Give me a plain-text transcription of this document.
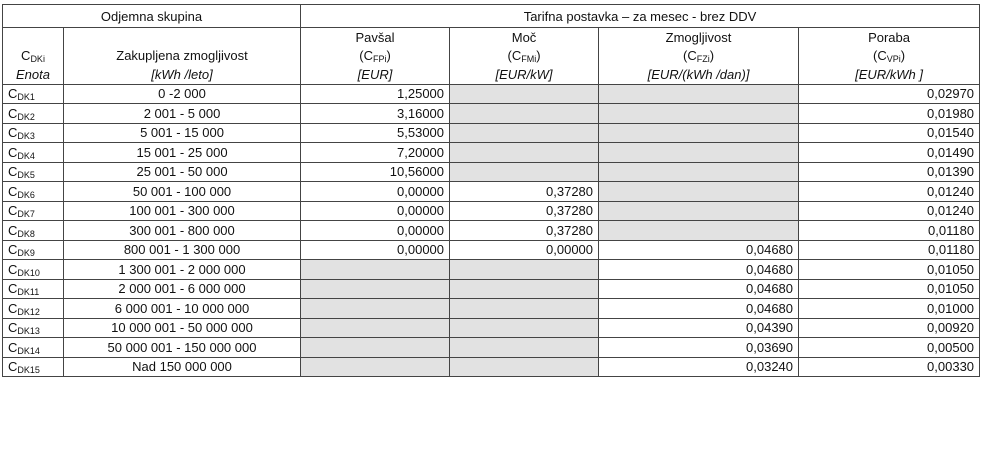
Odjemna skupina		Tarifna postavka – za mesec - brez DDV			
		Pavšal	Moč	Zmogljivost	Poraba
$C_{DKi}$	Zakupljena zmogljivost	$(C_{FPi})$	$(C_{FMi})$	$(C_{FZi})$	$(C_{VPi})$
Enota	[kWh /leto]	[EUR]	[EUR/kW]	[EUR/(kWh /dan)]	[EUR/kWh ]
$C_{DK1}$	0 -2 000	1,25000			0,02970
$C_{DK2}$	2 001 - 5 000	3,16000			0,01980
$C_{DK3}$	5 001 - 15 000	5,53000			0,01540
$C_{DK4}$	15 001 - 25 000	7,20000			0,01490
$C_{DK5}$	25 001 - 50 000	10,56000			0,01390
$C_{DK6}$	50 001 - 100 000	0,00000	0,37280		0,01240
$C_{DK7}$	100 001 - 300 000	0,00000	0,37280		0,01240
$C_{DK8}$	300 001 - 800 000	0,00000	0,37280		0,01180
$C_{DK9}$	800 001 - 1 300 000	0,00000	0,00000	0,04680	0,01180
$C_{DK10}$	1 300 001 - 2 000 000			0,04680	0,01050
$C_{DK11}$	2 000 001 - 6 000 000			0,04680	0,01050
$C_{DK12}$	6 000 001 - 10 000 000			0,04680	0,01000
$C_{DK13}$	10 000 001 - 50 000 000			0,04390	0,00920
$C_{DK14}$	50 000 001 - 150 000 000			0,03690	0,00500
$C_{DK15}$	Nad 150 000 000			0,03240	0,00330
